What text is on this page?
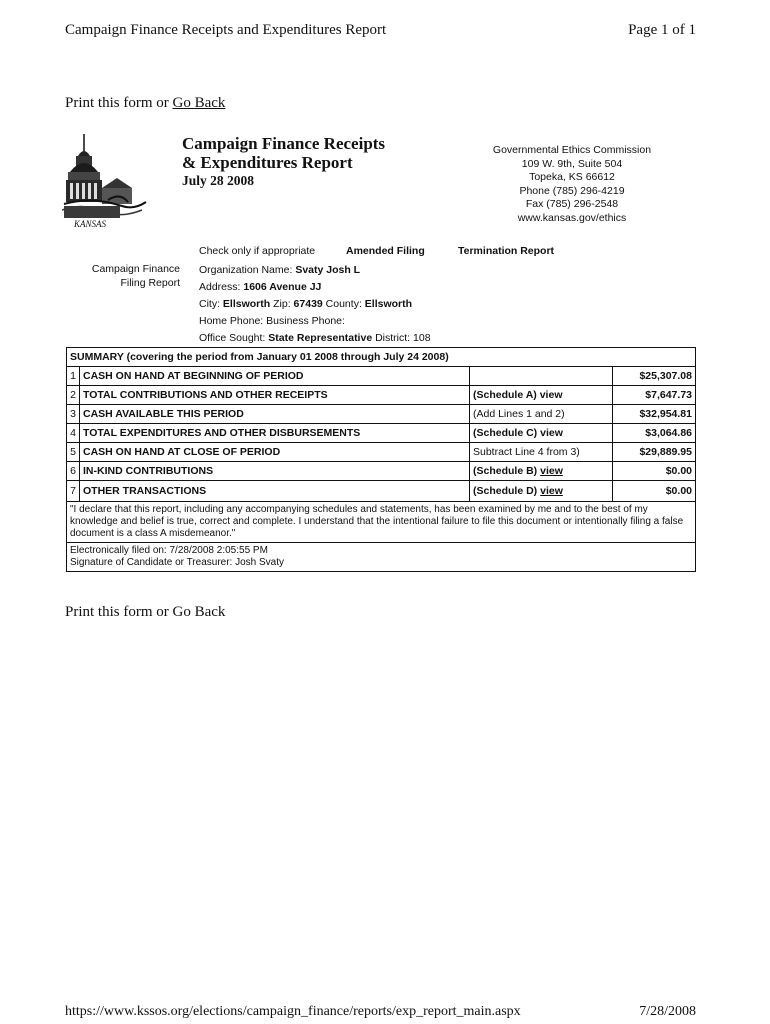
Campaign Finance Receipts and Expenditures Report	Page 1 of 1
Print this form or Go Back
KANSAS
Campaign Finance Receipts
& Expenditures Report
July 28 2008
Governmental Ethics Commission
109 W. 9th, Suite 504
Topeka, KS 66612
Phone (785) 296-4219
Fax (785) 296-2548
www.kansas.gov/ethics
Check only if appropriate	Amended Filing	Termination Report
Campaign Finance
Filing Report
Organization Name: Svaty Josh L
Address: 1606 Avenue JJ
City: Ellsworth Zip: 67439 County: Ellsworth
Home Phone: Business Phone:
Office Sought: State Representative District: 108
SUMMARY (covering the period from January 01 2008 through July 24 2008)			
1	CASH ON HAND AT BEGINNING OF PERIOD		$25,307.08
2	TOTAL CONTRIBUTIONS AND OTHER RECEIPTS	(Schedule A) view	$7,647.73
3	CASH AVAILABLE THIS PERIOD	(Add Lines 1 and 2)	$32,954.81
4	TOTAL EXPENDITURES AND OTHER DISBURSEMENTS	(Schedule C) view	$3,064.86
5	CASH ON HAND AT CLOSE OF PERIOD	Subtract Line 4 from 3)	$29,889.95
6	IN-KIND CONTRIBUTIONS	(Schedule B) view	$0.00
7	OTHER TRANSACTIONS	(Schedule D) view	$0.00
"I declare that this report, including any accompanying schedules and statements, has been examined by me and to the best of my knowledge and belief is true, correct and complete. I understand that the intentional failure to file this document or intentionally filing a false document is a class A misdemeanor."			

Electronically filed on: 7/28/2008 2:05:55 PM
Signature of Candidate or Treasurer: Josh Svaty			
Print this form or Go Back
https://www.kssos.org/elections/campaign_finance/reports/exp_report_main.aspx	7/28/2008
